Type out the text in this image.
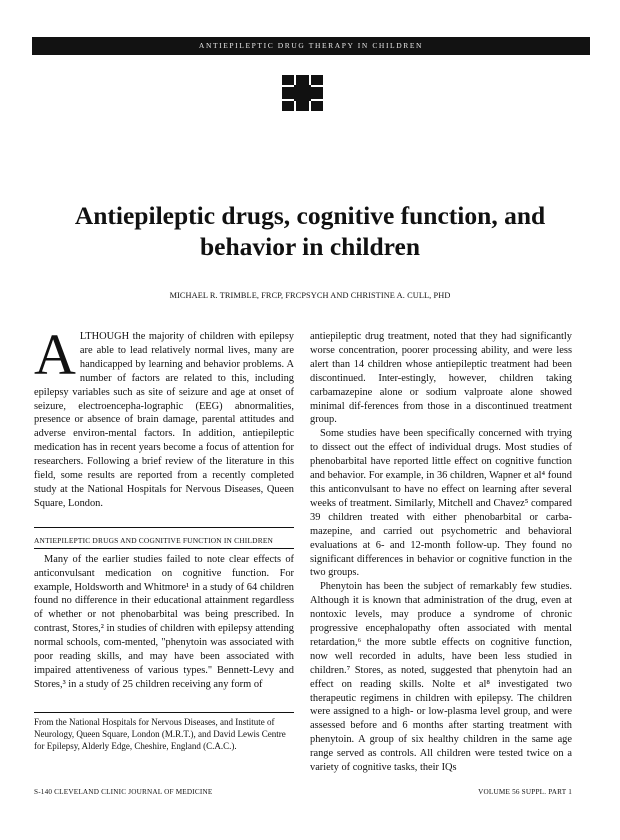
ANTIEPILEPTIC DRUG THERAPY IN CHILDREN
Antiepileptic drugs, cognitive function, and behavior in children
MICHAEL R. TRIMBLE, FRCP, FRCPSYCH AND CHRISTINE A. CULL, PHD

ALTHOUGH the majority of children with epilepsy are able to lead relatively normal lives, many are handicapped by learning and behavior problems. A number of factors are related to this, including epilepsy variables such as site of seizure and age at onset of seizure, electroencepha-lographic (EEG) abnormalities, presence or absence of brain damage, parental attitudes and adverse environ-mental factors. In addition, antiepileptic medication has in recent years become a focus of attention for researchers. Following a brief review of the literature in this field, some results are reported from a recently completed study at the National Hospitals for Nervous Diseases, Queen Square, London.

ANTIEPILEPTIC DRUGS AND COGNITIVE FUNCTION IN CHILDREN

Many of the earlier studies failed to note clear effects of anticonvulsant medication on cognitive function. For example, Holdsworth and Whitmore¹ in a study of 64 children found no difference in their educational attainment regardless of whether or not phenobarbital was being prescribed. In contrast, Stores,² in studies of children with epilepsy attending normal schools, com-mented, "phenytoin was associated with poor reading skills, and may have been associated with impaired attentiveness of various types." Bennett-Levy and Stores,³ in a study of 25 children receiving any form of

From the National Hospitals for Nervous Diseases, and Institute of Neurology, Queen Square, London (M.R.T.), and David Lewis Centre for Epilepsy, Alderly Edge, Cheshire, England (C.A.C.).

antiepileptic drug treatment, noted that they had significantly worse concentration, poorer processing ability, and were less alert than 14 children whose antiepileptic treatment had been discontinued. Inter-estingly, however, children taking carbamazepine alone or sodium valproate alone showed minimal dif-ferences from those in a discontinued treatment group.

Some studies have been specifically concerned with trying to dissect out the effect of individual drugs. Most studies of phenobarbital have reported little effect on cognitive function and behavior. For example, in 36 children, Wapner et al⁴ found this anticonvulsant to have no effect on learning after several weeks of treatment. Similarly, Mitchell and Chavez⁵ compared 39 children treated with either phenobarbital or carba-mazepine, and carried out psychometric and behavioral evaluations at 6- and 12-month follow-up. They found no significant differences in behavior or cognitive function in the two groups.

Phenytoin has been the subject of remarkably few studies. Although it is known that administration of the drug, even at nontoxic levels, may produce a syndrome of chronic progressive encephalopathy often associated with mental retardation,⁶ the more subtle effects on cognitive function, now well recorded in adults, have been less studied in children.⁷ Stores, as noted, suggested that phenytoin had an effect on reading skills. Nolte et al⁸ investigated two therapeutic regimens in children with epilepsy. The children were assigned to a high- or low-plasma level group, and were assessed before and 6 months after starting treatment with phenytoin. A group of six healthy children in the same age range served as controls. All children were tested twice on a variety of cognitive tasks, their IQs

S-140 CLEVELAND CLINIC JOURNAL OF MEDICINE	VOLUME 56 SUPPL. PART 1
